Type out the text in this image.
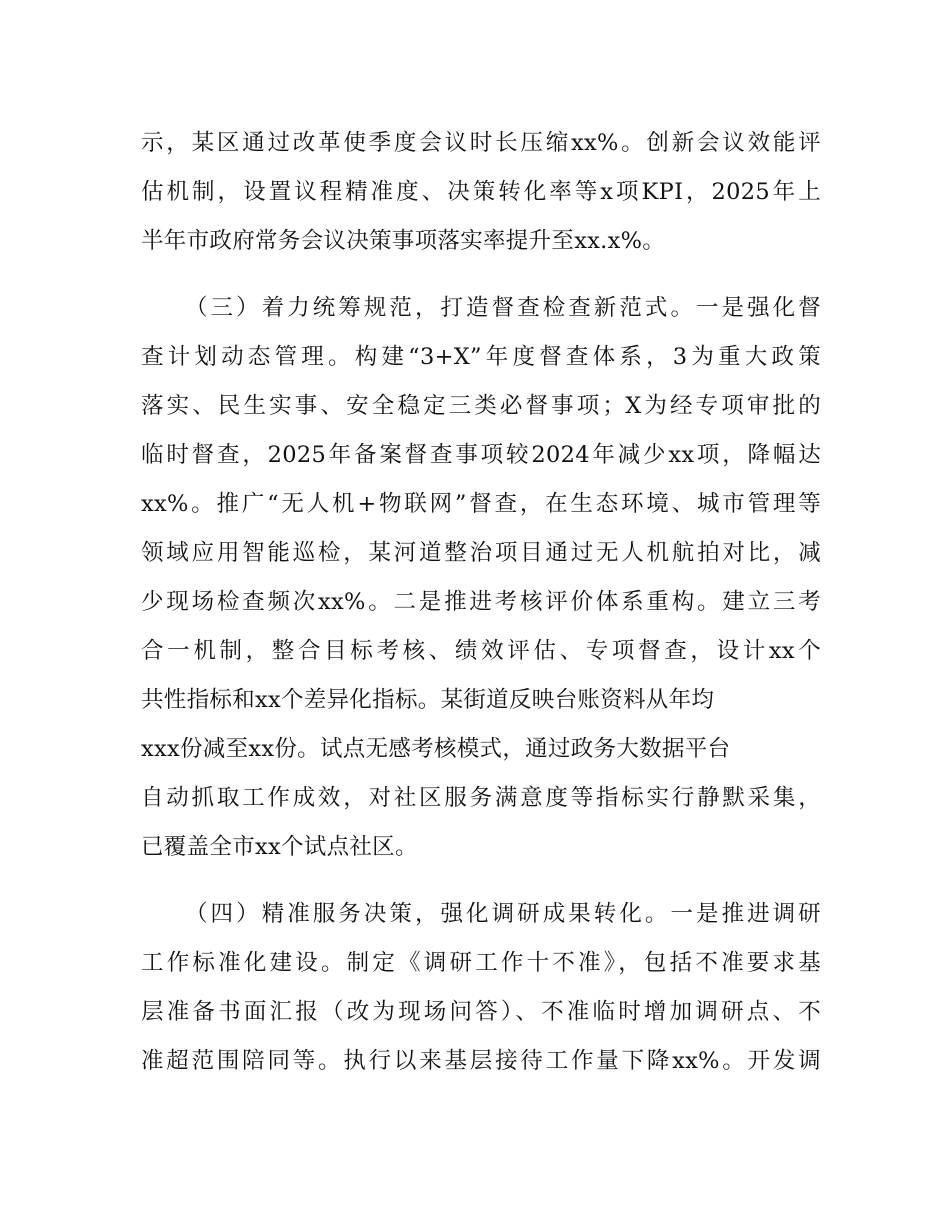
示，某区通过改革使季度会议时长压缩xx%。创新会议效能评
估机制，设置议程精准度、决策转化率等x项KPI，2025年上
半年市政府常务会议决策事项落实率提升至xx.x%。
（三）着力统筹规范，打造督查检查新范式。一是强化督
查计划动态管理。构建“3+X”年度督查体系，3为重大政策
落实、民生实事、安全稳定三类必督事项；X为经专项审批的
临时督查，2025年备案督查事项较2024年减少xx项，降幅达
xx%。推广“无人机+物联网”督查，在生态环境、城市管理等
领域应用智能巡检，某河道整治项目通过无人机航拍对比，减
少现场检查频次xx%。二是推进考核评价体系重构。建立三考
合一机制，整合目标考核、绩效评估、专项督查，设计xx个
共性指标和xx个差异化指标。某街道反映台账资料从年均
xxx份减至xx份。试点无感考核模式，通过政务大数据平台
自动抓取工作成效，对社区服务满意度等指标实行静默采集，
已覆盖全市xx个试点社区。
（四）精准服务决策，强化调研成果转化。一是推进调研
工作标准化建设。制定《调研工作十不准》，包括不准要求基
层准备书面汇报（改为现场问答）、不准临时增加调研点、不
准超范围陪同等。执行以来基层接待工作量下降xx%。开发调
